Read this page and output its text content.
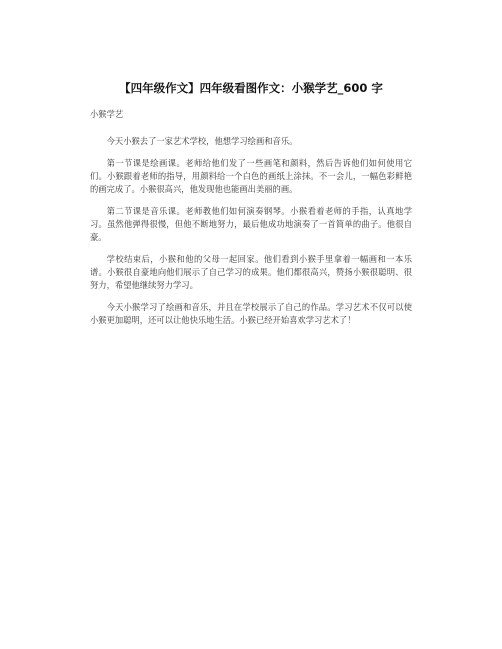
【四年级作文】四年级看图作文：小猴学艺_600 字
小猴学艺

今天小猴去了一家艺术学校，他想学习绘画和音乐。

第一节课是绘画课。老师给他们发了一些画笔和颜料，然后告诉他们如何使用它们。小猴跟着老师的指导，用颜料给一个白色的画纸上涂抹。不一会儿，一幅色彩鲜艳的画完成了。小猴很高兴，他发现他也能画出美丽的画。

第二节课是音乐课。老师教他们如何演奏钢琴。小猴看着老师的手指，认真地学习。虽然他弹得很慢，但他不断地努力，最后他成功地演奏了一首简单的曲子。他很自豪。

学校结束后，小猴和他的父母一起回家。他们看到小猴手里拿着一幅画和一本乐谱。小猴很自豪地向他们展示了自己学习的成果。他们都很高兴，赞扬小猴很聪明、很努力，希望他继续努力学习。

今天小猴学习了绘画和音乐，并且在学校展示了自己的作品。学习艺术不仅可以使小猴更加聪明，还可以让他快乐地生活。小猴已经开始喜欢学习艺术了！
